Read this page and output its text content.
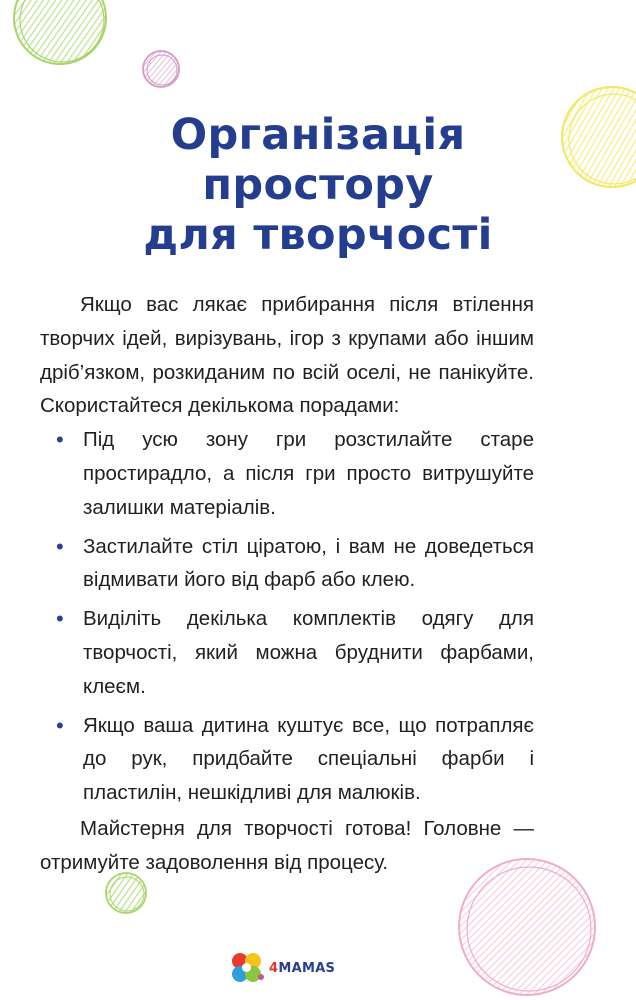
Організація
простору
для творчості

Якщо вас лякає прибирання після втілення творчих ідей, вирізувань, ігор з крупами або іншим дріб’язком, розкиданим по всій оселі, не панікуйте. Скористайтеся декількома порадами:

• Під усю зону гри розстилайте старе простирадло, а після гри просто витрушуйте залишки матеріалів.
• Застилайте стіл ціратою, і вам не доведеться відмивати його від фарб або клею.
• Виділіть декілька комплектів одягу для творчості, який можна бруднити фарбами, клеєм.
• Якщо ваша дитина куштує все, що потрапляє до рук, придбайте спеціальні фарби і пластилін, нешкідливі для малюків.

Майстерня для творчості готова! Головне — отримуйте задоволення від процесу.

4MAMAS
